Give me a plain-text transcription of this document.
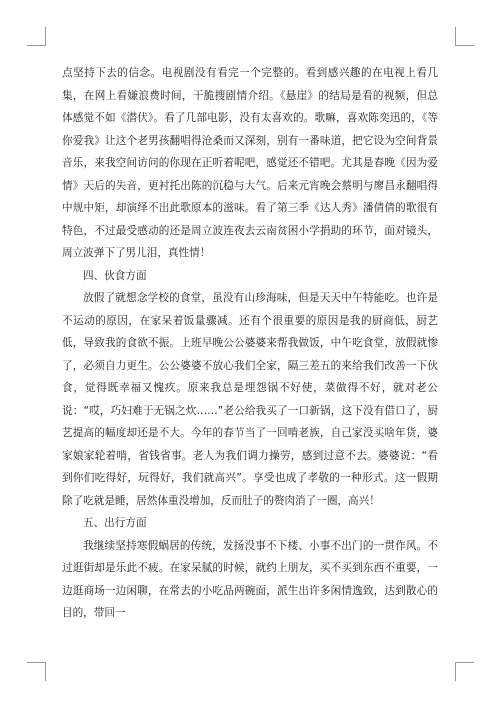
点坚持下去的信念。电视剧没有看完一个完整的。看到感兴趣的在电视上看几集，在网上看嫌浪费时间，干脆搜剧情介绍。《悬崖》的结局是看的视频，但总体感觉不如《潜伏》。看了几部电影，没有太喜欢的。歌嘛，喜欢陈奕迅的，《等你爱我》让这个老男孩翻唱得沧桑而又深刻，别有一番味道，把它设为空间背景音乐，来我空间访问的你现在正听着呢吧，感觉还不错吧。尤其是春晚《因为爱情》天后的失音，更衬托出陈的沉稳与大气。后来元宵晚会蔡明与廖昌永翻唱得中规中矩，却演绎不出此歌原本的滋味。看了第三季《达人秀》潘倩倩的歌很有特色，不过最受感动的还是周立波连夜去云南贫困小学捐助的环节，面对镜头，周立波弹下了男儿泪，真性情！

四、伙食方面

放假了就想念学校的食堂，虽没有山珍海味，但是天天中午特能吃。也许是不运动的原因，在家呆着饭量骤减。还有个很重要的原因是我的厨商低，厨艺低，导致我的食欲不振。上班早晚公公婆婆来帮我做饭，中午吃食堂，放假就惨了，必须自力更生。公公婆婆不放心我们全家，隔三差五的来给我们改善一下伙食，觉得既幸福又愧疚。原来我总是埋怨锅不好使，菜做得不好，就对老公说：“哎，巧妇难于无锅之炊……”老公给我买了一口新锅，这下没有借口了，厨艺提高的幅度却还是不大。今年的春节当了一回啃老族，自己家没买啥年货，婆家娘家轮着啃，省钱省事。老人为我们调力操劳，感到过意不去。婆婆说：“看到你们吃得好，玩得好，我们就高兴”。享受也成了孝敬的一种形式。这一假期除了吃就是睡，居然体重没增加，反而肚子的赘肉消了一圈，高兴！

五、出行方面

我继续坚持寒假蜗居的传统，发扬没事不下楼、小事不出门的一贯作风。不过逛街却是乐此不疲。在家呆腻的时候，就约上朋友，买不买到东西不重要，一边逛商场一边闲聊，在常去的小吃品两碗面，派生出许多闲情逸致，达到散心的目的，带回一
